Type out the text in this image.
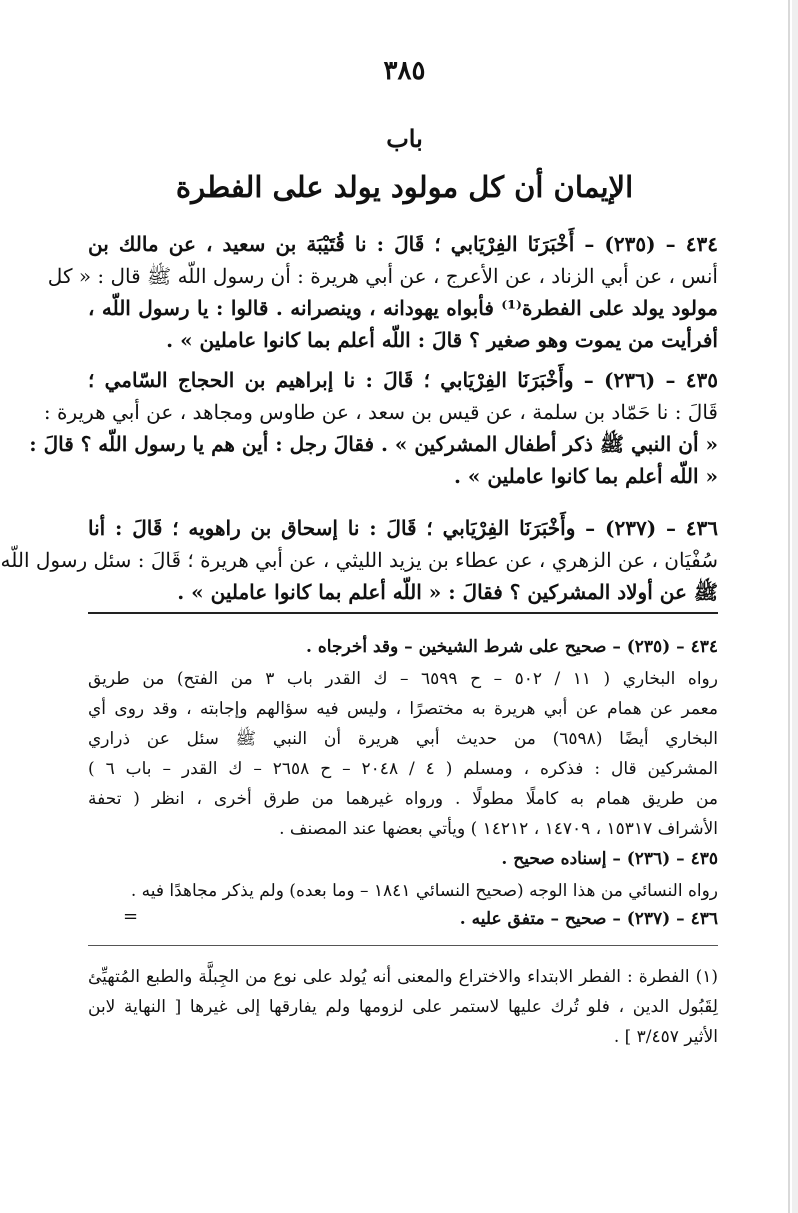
٣٨٥
باب
الإيمان أن كل مولود يولد على الفطرة
٤٣٤ – (٢٣٥) – أَخْبَرَنَا الفِرْيَابي ؛ قَالَ : نا قُتَيْبَة بن سعيد ، عن مالك بن
أنس ، عن أبي الزناد ، عن الأعرج ، عن أبي هريرة : أن رسول اللّه ﷺ قال : « كل
مولود يولد على الفطرة⁽¹⁾ فأبواه يهودانه ، وينصرانه . قالوا : يا رسول اللّه ،
أفرأيت من يموت وهو صغير ؟ قالَ : اللّه أعلم بما كانوا عاملين » .
٤٣٥ – (٢٣٦) – وأَخْبَرَنَا الفِرْيَابي ؛ قَالَ : نا إبراهيم بن الحجاج السّامي ؛
قَالَ : نا حَمّاد بن سلمة ، عن قيس بن سعد ، عن طاوس ومجاهد ، عن أبي هريرة :
« أن النبي ﷺ ذكر أطفال المشركين » . فقالَ رجل : أين هم يا رسول اللّه ؟ قالَ :
« اللّه أعلم بما كانوا عاملين » .
٤٣٦ – (٢٣٧) – وأَخْبَرَنَا الفِرْيَابي ؛ قَالَ : نا إسحاق بن راهويه ؛ قَالَ : أنا
سُفْيَان ، عن الزهري ، عن عطاء بن يزيد الليثي ، عن أبي هريرة ؛ قَالَ : سئل رسول اللّه
ﷺ عن أولاد المشركين ؟ فقالَ : « اللّه أعلم بما كانوا عاملين » .
٤٣٤ – (٢٣٥) – صحيح على شرط الشيخين – وقد أخرجاه .
رواه البخاري ( ١١ / ٥٠٢ – ح ٦٥٩٩ – ك القدر باب ٣ من الفتح) من طريق
معمر عن همام عن أبي هريرة به مختصرًا ، وليس فيه سؤالهم وإجابته ، وقد روى أي
البخاري أيضًا (٦٥٩٨) من حديث أبي هريرة أن النبي ﷺ سئل عن ذراري
المشركين قال : فذكره ، ومسلم ( ٤ / ٢٠٤٨ – ح ٢٦٥٨ – ك القدر – باب ٦ )
من طريق همام به كاملًا مطولًا . ورواه غيرهما من طرق أخرى ، انظر ( تحفة
الأشراف ١٥٣١٧ ، ١٤٧٠٩ ، ١٤٢١٢ ) ويأتي بعضها عند المصنف .
٤٣٥ – (٢٣٦) – إسناده صحيح .
رواه النسائي من هذا الوجه (صحيح النسائي ١٨٤١ – وما بعده) ولم يذكر مجاهدًا فيه .
٤٣٦ – (٢٣٧) – صحيح – متفق عليه .
=
(١) الفطرة : الفطر الابتداء والاختراع والمعنى أنه يُولد على نوع من الجِبلَّة والطبع المُتهيِّئ
لِقَبُول الدين ، فلو تُرك عليها لاستمر على لزومها ولم يفارقها إلى غيرها [ النهاية لابن
الأثير ٣/٤٥٧ ] .
